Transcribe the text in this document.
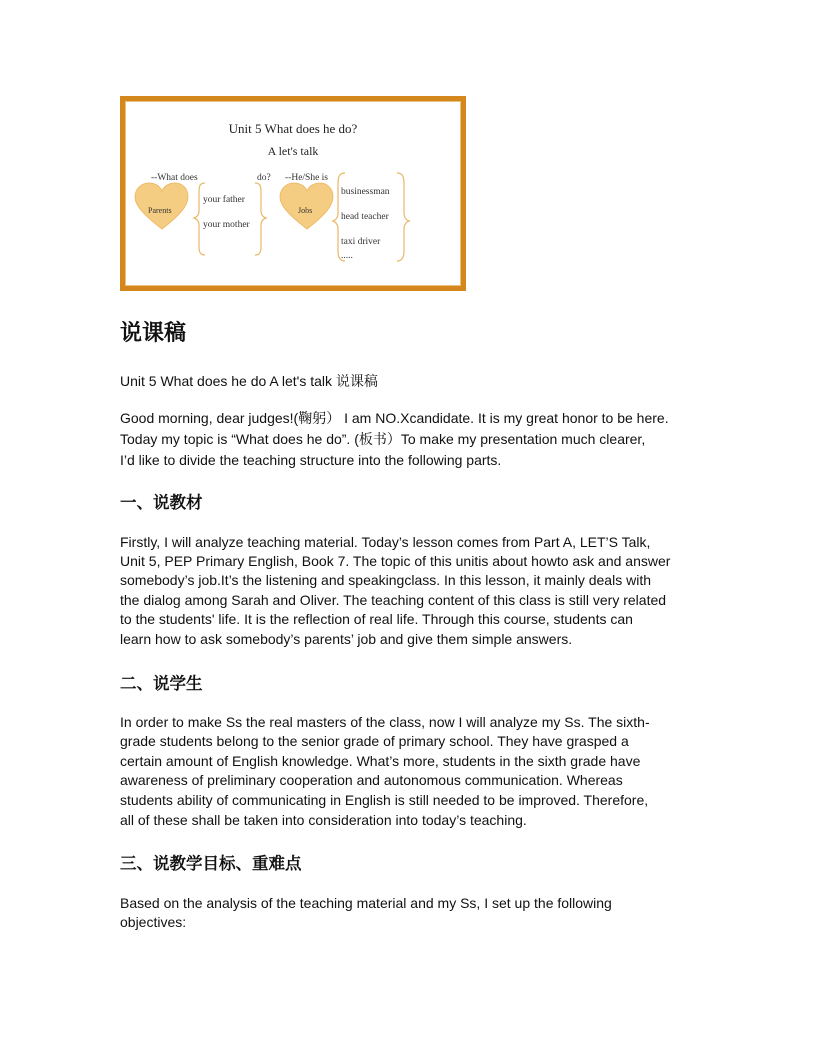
Unit 5 What does he do?
A let's talk
--What does	do? --He/She is
Parents	Jobs
your father
your mother
businessman
head teacher
taxi driver
.....
说课稿

Unit 5 What does he do A let's talk 说课稿

Good morning, dear judges!(鞠躬） I am NO.Xcandidate. It is my great honor to be here.

Today my topic is “What does he do”. (板书）To make my presentation much clearer,

I’d like to divide the teaching structure into the following parts.

一、说教材

Firstly, I will analyze teaching material. Today’s lesson comes from Part A, LET’S Talk,

Unit 5, PEP Primary English, Book 7. The topic of this unitis about howto ask and answer

somebody’s job.It’s the listening and speakingclass. In this lesson, it mainly deals with

the dialog among Sarah and Oliver. The teaching content of this class is still very related

to the students' life. It is the reflection of real life. Through this course, students can

learn how to ask somebody’s parents’ job and give them simple answers.

二、说学生

In order to make Ss the real masters of the class, now I will analyze my Ss. The sixth-

grade students belong to the senior grade of primary school. They have grasped a

certain amount of English knowledge. What’s more, students in the sixth grade have

awareness of preliminary cooperation and autonomous communication. Whereas

students ability of communicating in English is still needed to be improved. Therefore,

all of these shall be taken into consideration into today’s teaching.

三、说教学目标、重难点

Based on the analysis of the teaching material and my Ss, I set up the following

objectives:
